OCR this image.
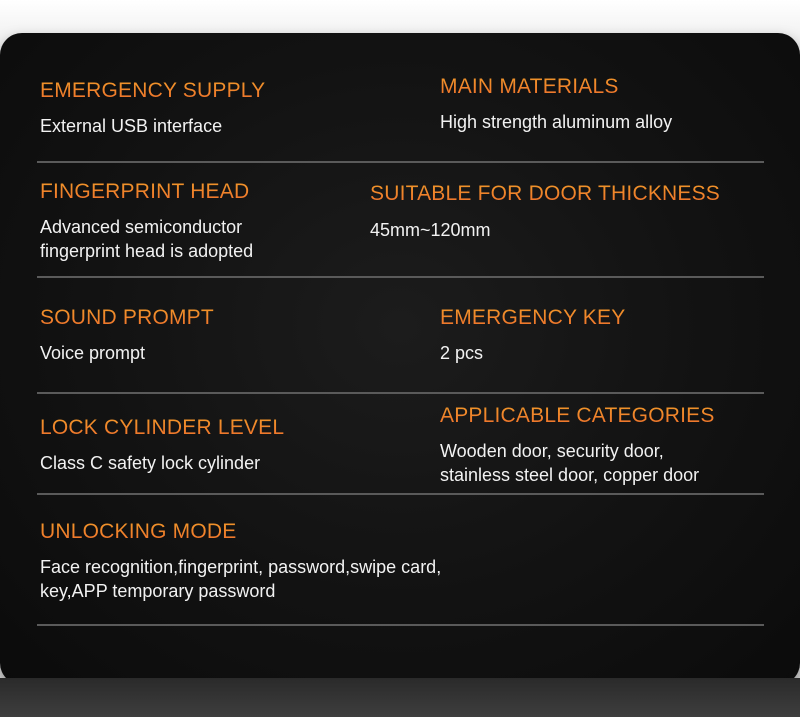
EMERGENCY SUPPLY
External USB interface
MAIN MATERIALS
High strength aluminum alloy
FINGERPRINT HEAD
Advanced semiconductor
fingerprint head is adopted
SUITABLE FOR DOOR THICKNESS
45mm~120mm
SOUND PROMPT
Voice prompt
EMERGENCY KEY
2 pcs
LOCK CYLINDER LEVEL
Class C safety lock cylinder
APPLICABLE CATEGORIES
Wooden door, security door,
stainless steel door, copper door
UNLOCKING MODE
Face recognition,fingerprint, password,swipe card,
key,APP temporary password
